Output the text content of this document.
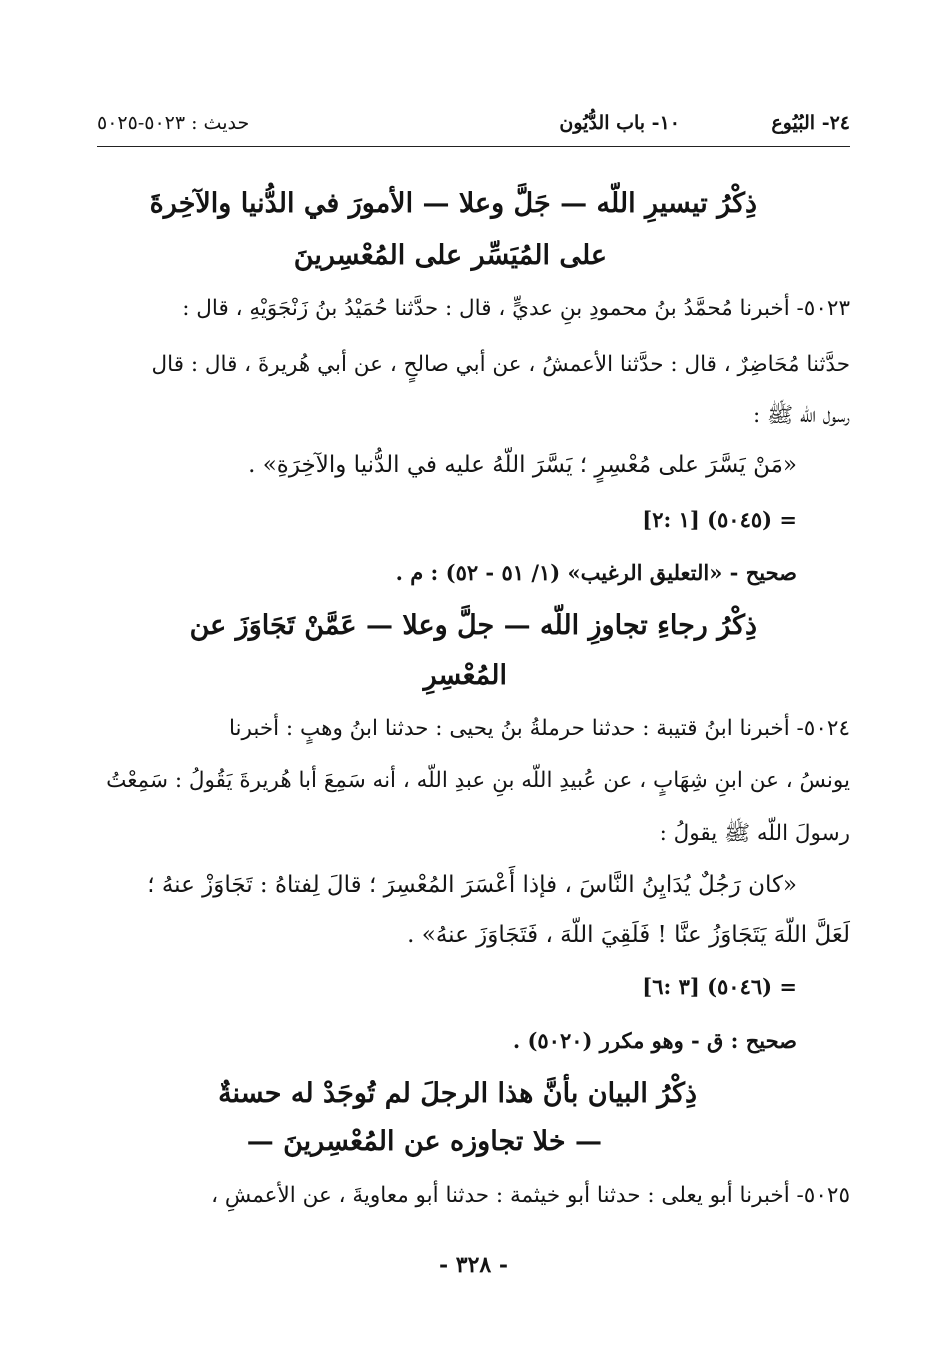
٢٤- البُيُوع
١٠- باب الدُّيُون
حديث : ٥٠٢٣-٥٠٢٥
ذِكْرُ تيسيرِ اللّه — جَلَّ وعلا — الأمورَ في الدُّنيا والآخِرةَ
على المُيَسِّر على المُعْسِرينَ
٥٠٢٣- أخبرنا مُحمَّدُ بنُ محمودِ بنِ عديٍّ ، قال : حدَّثنا حُمَيْدُ بنُ زَنْجَوَيْهِ ، قال :
حدَّثنا مُحَاضِرٌ ، قال : حدَّثنا الأعمشُ ، عن أبي صالحٍ ، عن أبي هُريرةَ ، قال : قال
رسول اللّه ﷺ :
«مَنْ يَسَّرَ على مُعْسِرٍ ؛ يَسَّرَ اللّهُ عليه في الدُّنيا والآخِرَةِ» .
= (٥٠٤٥) [١ :٢]
صحيح - «التعليق الرغيب» (١/ ٥١ - ٥٢) : م .
ذِكْرُ رجاءِ تجاوزِ اللّه — جلَّ وعلا — عَمَّنْ تَجَاوَزَ عن
المُعْسِرِ
٥٠٢٤- أخبرنا ابنُ قتيبة : حدثنا حرملةُ بنُ يحيى : حدثنا ابنُ وهبٍ : أخبرنا
يونسُ ، عن ابنِ شِهَابٍ ، عن عُبيدِ اللّه بنِ عبدِ اللّه ، أنه سَمِعَ أبا هُريرةَ يَقُولُ : سَمِعْتُ
رسولَ اللّه ﷺ يقولُ :
«كان رَجُلٌ يُدَايِنُ النَّاسَ ، فإذا أَعْسَرَ المُعْسِرَ ؛ قالَ لِفتاهُ : تَجَاوَزْ عنهُ ؛
لَعَلَّ اللّهَ يَتَجَاوَزُ عنَّا ! فَلَقِيَ اللّهَ ، فَتَجَاوَزَ عنهُ» .
= (٥٠٤٦) [٣ :٦]
صحيح : ق - وهو مكرر (٥٠٢٠) .
ذِكْرُ البيان بأنَّ هذا الرجلَ لم تُوجَدْ له حسنةٌ
— خلا تجاوزه عن المُعْسِرينَ —
٥٠٢٥- أخبرنا أبو يعلى : حدثنا أبو خيثمة : حدثنا أبو معاويةَ ، عن الأعمشِ ،
- ٣٢٨ -
